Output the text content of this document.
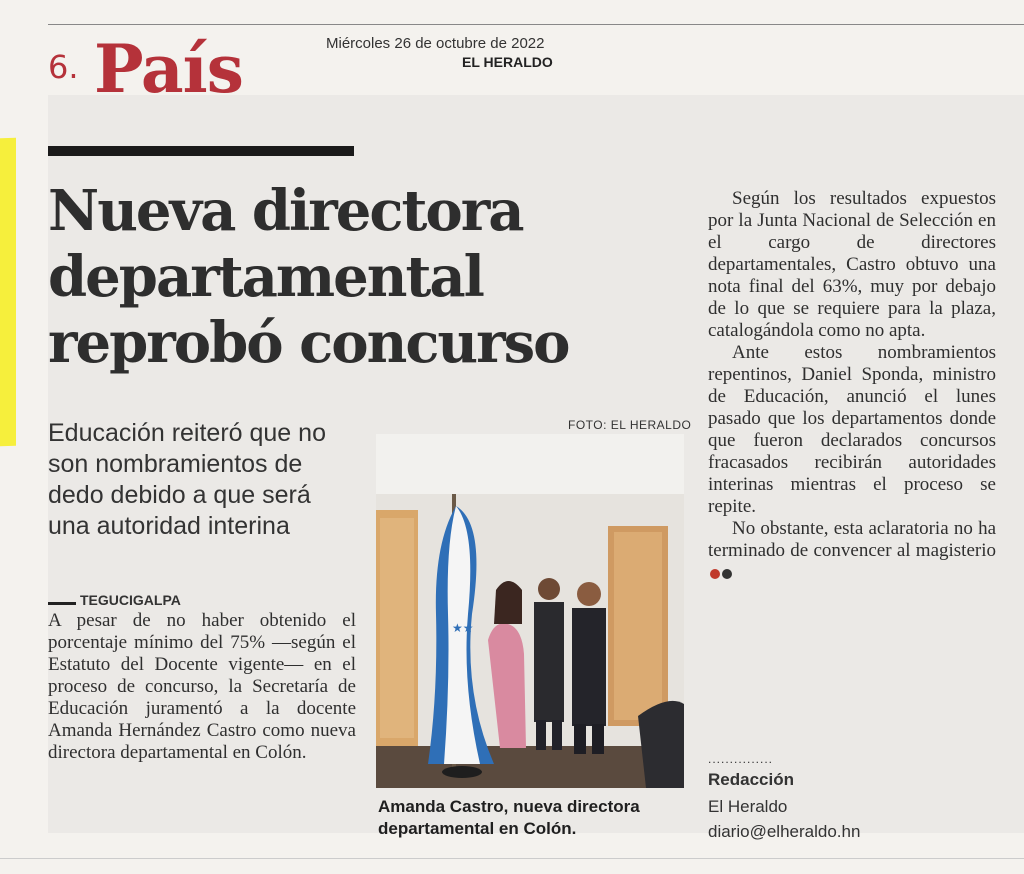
6. País	Miércoles 26 de octubre de 2022
EL HERALDO
Nueva directora
departamental
reprobó concurso
Educación reiteró que no son nombramientos de dedo debido a que será una autoridad interina
TEGUCIGALPA

A pesar de no haber obtenido el porcentaje mínimo del 75% —según el Estatuto del Docente vigente— en el proceso de concurso, la Secretaría de Educación juramentó a la docente Amanda Hernández Castro como nueva directora departamental en Colón.

FOTO: EL HERALDO
★★
Amanda Castro, nueva directora departamental en Colón.

Según los resultados expuestos por la Junta Nacional de Selección en el cargo de directores departamentales, Castro obtuvo una nota final del 63%, muy por debajo de lo que se requiere para la plaza, catalogándola como no apta.

Ante estos nombramientos repentinos, Daniel Sponda, ministro de Educación, anunció el lunes pasado que los departamentos donde que fueron declarados concursos fracasados recibirán autoridades interinas mientras el proceso se repite.

No obstante, esta aclaratoria no ha terminado de convencer al magisterio

...............
Redacción
El Heraldo
diario@elheraldo.hn
